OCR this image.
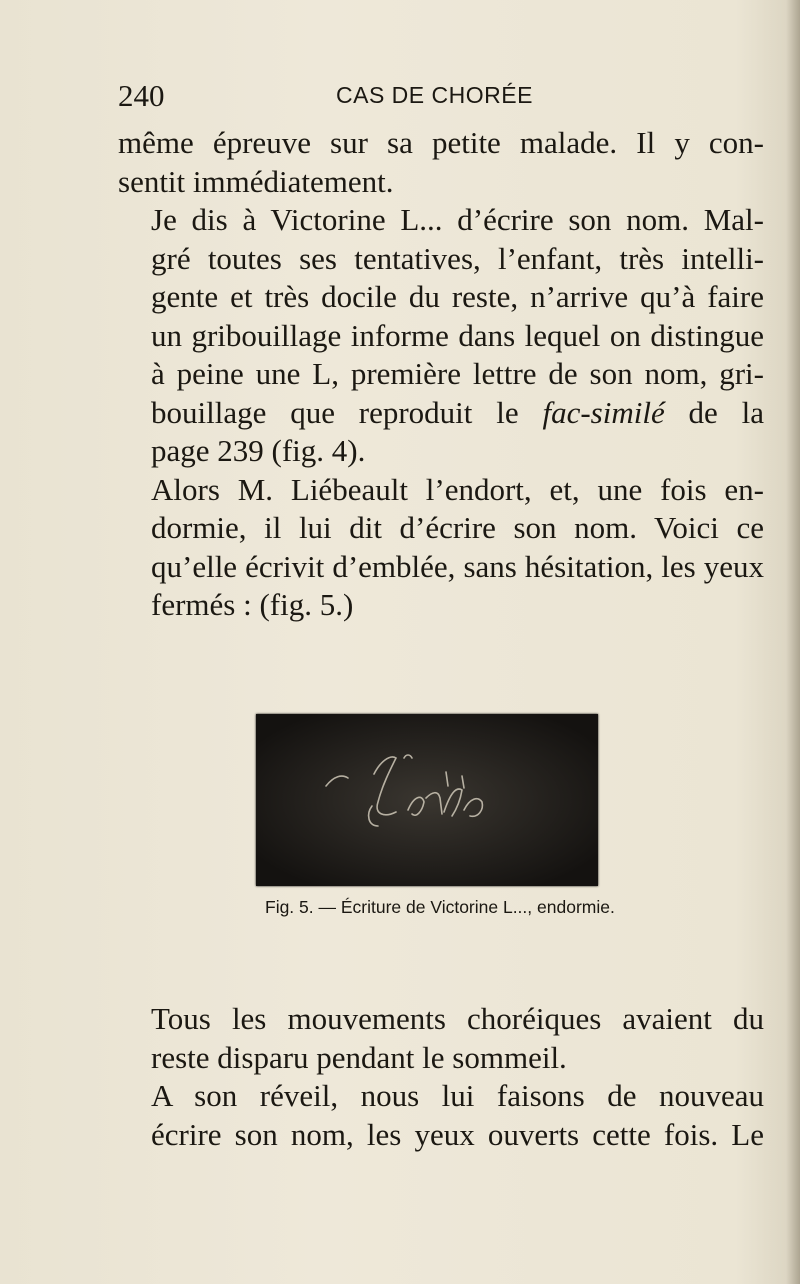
240	CAS DE CHORÉE

même épreuve sur sa petite malade. Il y con-
sentit immédiatement.

Je dis à Victorine L... d’écrire son nom. Mal-
gré toutes ses tentatives, l’enfant, très intelli-
gente et très docile du reste, n’arrive qu’à faire
un gribouillage informe dans lequel on distingue
à peine une L, première lettre de son nom, gri-
bouillage que reproduit le fac-similé de la
page 239 (fig. 4).

Alors M. Liébeault l’endort, et, une fois en-
dormie, il lui dit d’écrire son nom. Voici ce
qu’elle écrivit d’emblée, sans hésitation, les yeux
fermés : (fig. 5.)

Fig. 5. — Écriture de Victorine L..., endormie.

Tous les mouvements choréiques avaient du
reste disparu pendant le sommeil.

A son réveil, nous lui faisons de nouveau
écrire son nom, les yeux ouverts cette fois. Le
